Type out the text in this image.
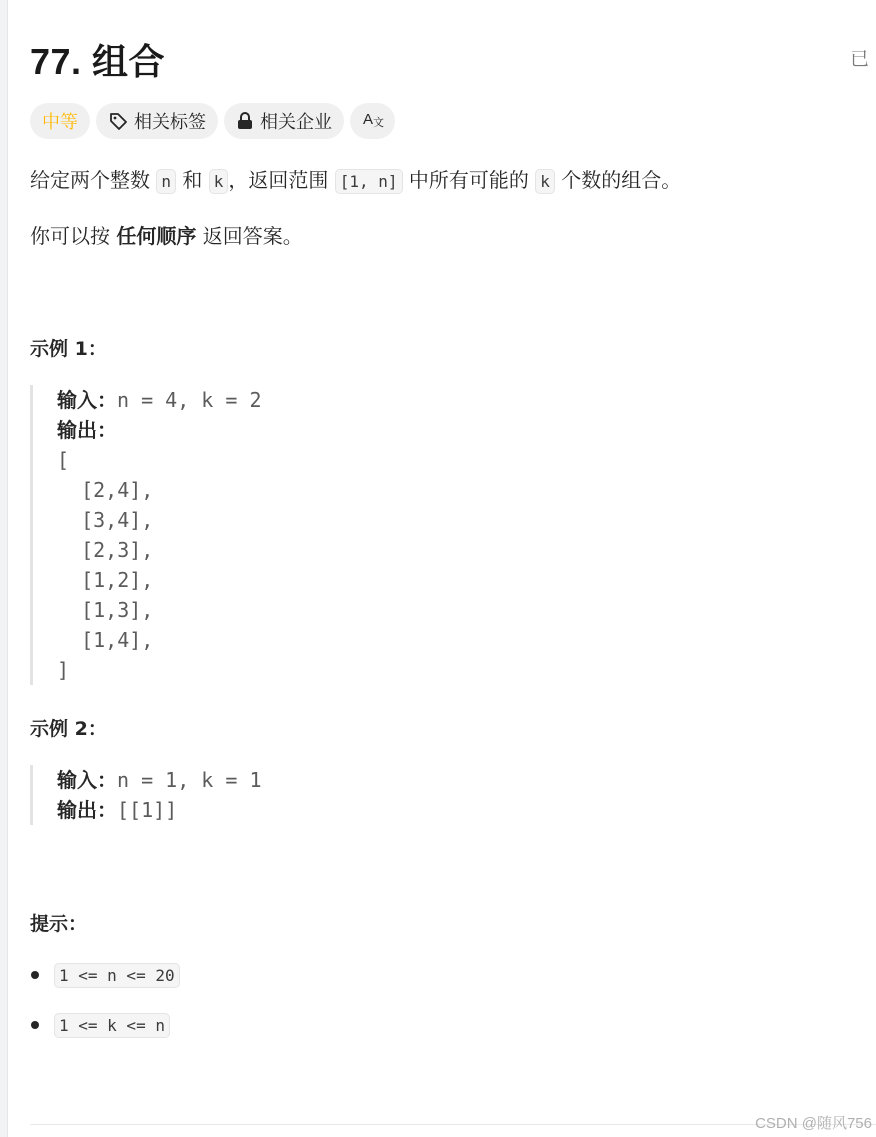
77. 组合	已
中等	相关标签	相关企业 A 文

给定两个整数 n 和 k ，返回范围 [1, n] 中所有可能的 k 个数的组合。

你可以按 任何顺序 返回答案。

示例 1：
输入：n = 4, k = 2
输出：
[
[2,4],
[3,4],
[2,3],
[1,2],
[1,3],
[1,4],
]
示例 2：
输入：n = 1, k = 1
输出：[[1]]
提示：
1 <= n <= 20
1 <= k <= n
CSDN @随风756
